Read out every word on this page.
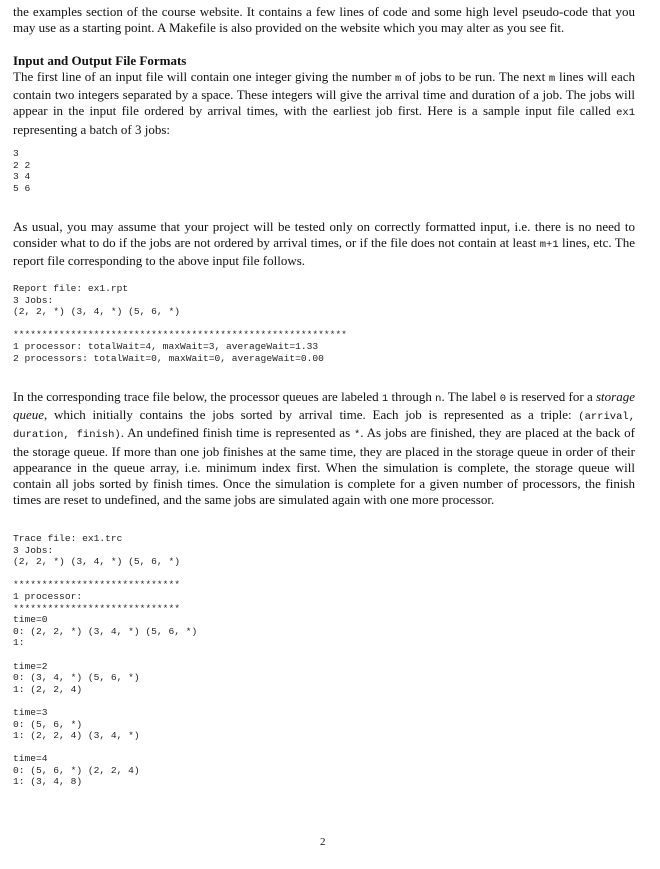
the examples section of the course website. It contains a few lines of code and some high level pseudo-code that you may use as a starting point. A Makefile is also provided on the website which you may alter as you see fit.

Input and Output File Formats

The first line of an input file will contain one integer giving the number m of jobs to be run. The next m lines will each contain two integers separated by a space. These integers will give the arrival time and duration of a job. The jobs will appear in the input file ordered by arrival times, with the earliest job first. Here is a sample input file called ex1 representing a batch of 3 jobs:

3
2 2
3 4
5 6

As usual, you may assume that your project will be tested only on correctly formatted input, i.e. there is no need to consider what to do if the jobs are not ordered by arrival times, or if the file does not contain at least m+1 lines, etc. The report file corresponding to the above input file follows.

Report file: ex1.rpt
3 Jobs:
(2, 2, *) (3, 4, *) (5, 6, *)

**********************************************************
1 processor: totalWait=4, maxWait=3, averageWait=1.33
2 processors: totalWait=0, maxWait=0, averageWait=0.00

In the corresponding trace file below, the processor queues are labeled 1 through n. The label 0 is reserved for a storage queue, which initially contains the jobs sorted by arrival time. Each job is represented as a triple: (arrival, duration, finish). An undefined finish time is represented as *. As jobs are finished, they are placed at the back of the storage queue. If more than one job finishes at the same time, they are placed in the storage queue in order of their appearance in the queue array, i.e. minimum index first. When the simulation is complete, the storage queue will contain all jobs sorted by finish times. Once the simulation is complete for a given number of processors, the finish times are reset to undefined, and the same jobs are simulated again with one more processor.

Trace file: ex1.trc
3 Jobs:
(2, 2, *) (3, 4, *) (5, 6, *)

*****************************
1 processor:
*****************************
time=0
0: (2, 2, *) (3, 4, *) (5, 6, *)
1:

time=2
0: (3, 4, *) (5, 6, *)
1: (2, 2, 4)

time=3
0: (5, 6, *)
1: (2, 2, 4) (3, 4, *)

time=4
0: (5, 6, *) (2, 2, 4)
1: (3, 4, 8)

2
